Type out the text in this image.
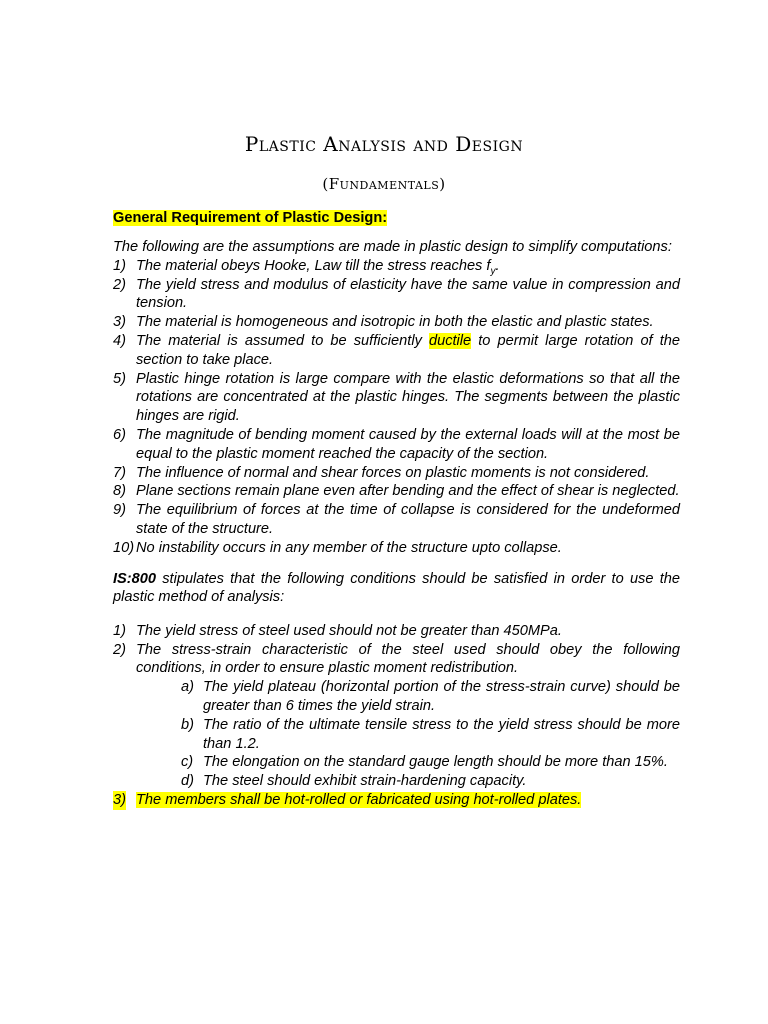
Plastic Analysis and Design
(Fundamentals)

General Requirement of Plastic Design:

The following are the assumptions are made in plastic design to simplify computations:

1) The material obeys Hooke, Law till the stress reaches $f_y$.
2) The yield stress and modulus of elasticity have the same value in compression and tension.
3) The material is homogeneous and isotropic in both the elastic and plastic states.
4) The material is assumed to be sufficiently ductile to permit large rotation of the section to take place.
5) Plastic hinge rotation is large compare with the elastic deformations so that all the rotations are concentrated at the plastic hinges. The segments between the plastic hinges are rigid.
6) The magnitude of bending moment caused by the external loads will at the most be equal to the plastic moment reached the capacity of the section.
7) The influence of normal and shear forces on plastic moments is not considered.
8) Plane sections remain plane even after bending and the effect of shear is neglected.
9) The equilibrium of forces at the time of collapse is considered for the undeformed state of the structure.
10) No instability occurs in any member of the structure upto collapse.

IS:800 stipulates that the following conditions should be satisfied in order to use the plastic method of analysis:

1) The yield stress of steel used should not be greater than 450MPa.
2) The stress-strain characteristic of the steel used should obey the following conditions, in order to ensure plastic moment redistribution.
a) The yield plateau (horizontal portion of the stress-strain curve) should be greater than 6 times the yield strain.
b) The ratio of the ultimate tensile stress to the yield stress should be more than 1.2.
c) The elongation on the standard gauge length should be more than 15%.
d) The steel should exhibit strain-hardening capacity.
3) The members shall be hot-rolled or fabricated using hot-rolled plates.
